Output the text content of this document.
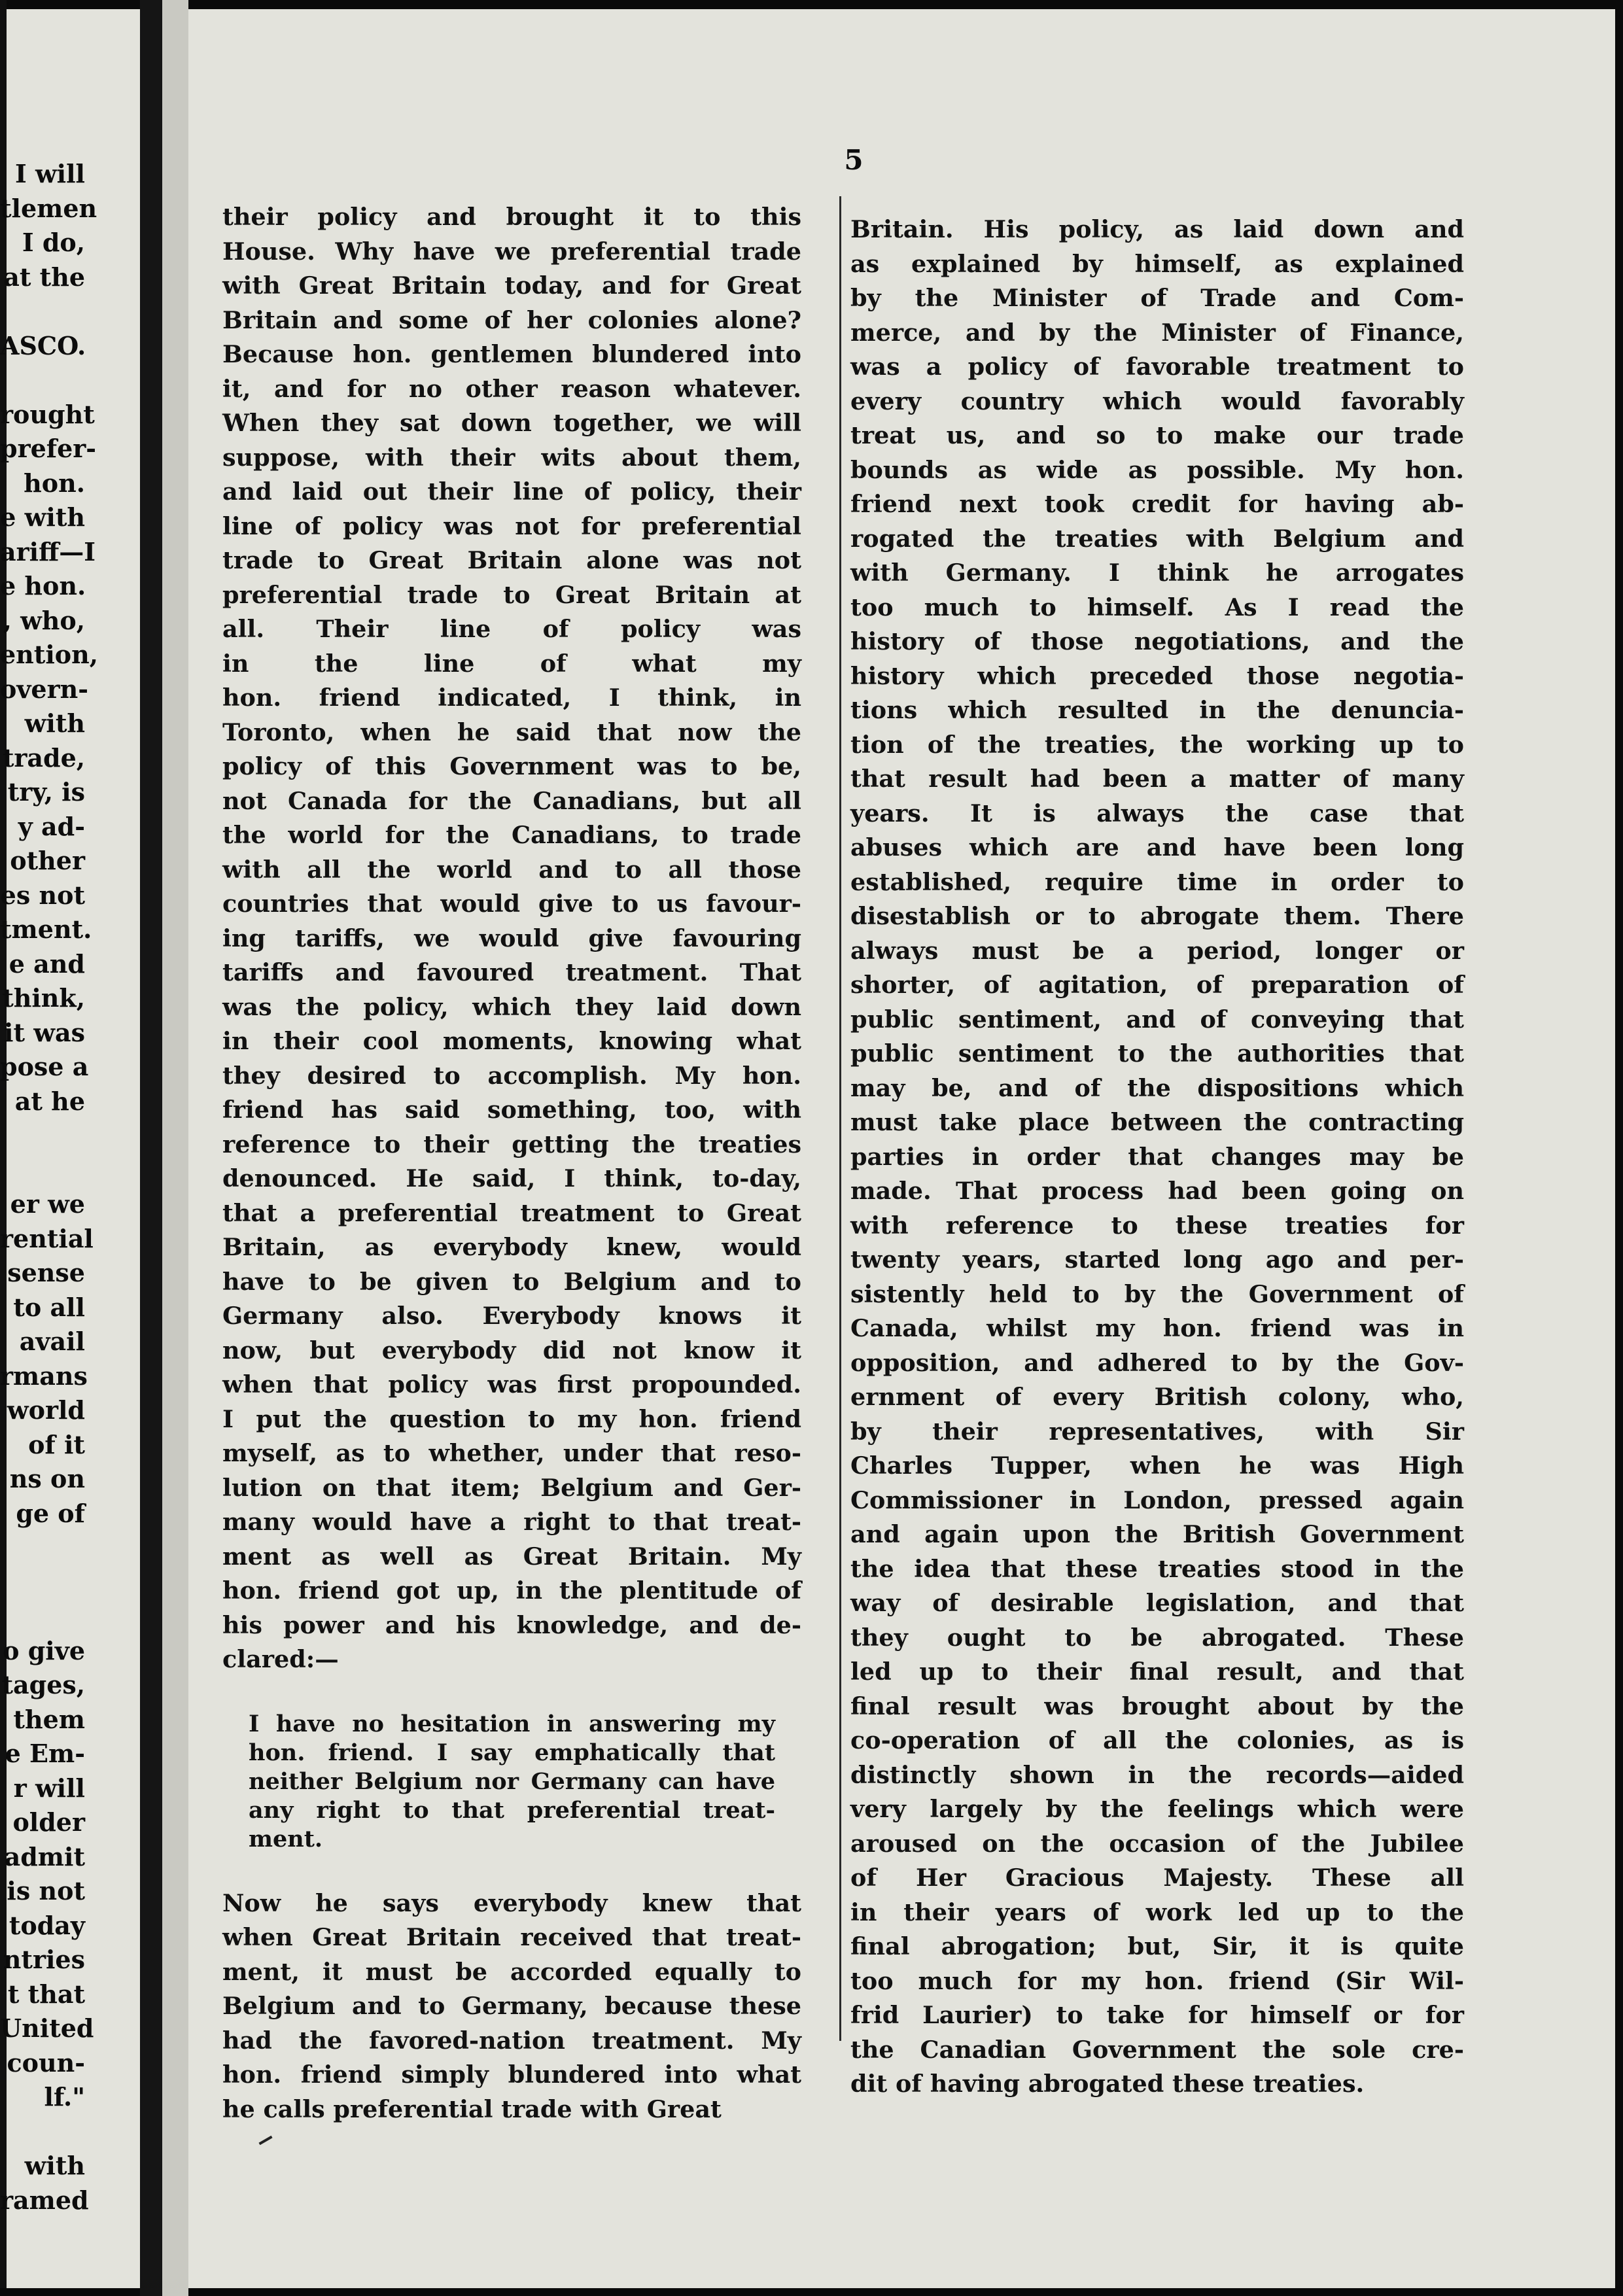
I will
tlemen
I do,
at the
ASCO.
rought
prefer-
hon.
e with
ariff—I
e hon.
, who,
ention,
overn-
with
trade,
try, is
y ad-
other
es not
tment.
e and
think,
it was
pose a
at he
er we
rential
sense
to all
avail
rmans
world
of it
ns on
ge of
o give
tages,
them
e Em-
r will
older
admit
is not
today
ntries
t that
United
coun-
lf."
with
ramed
5
their policy and brought it to this
House. Why have we preferential trade
with Great Britain today, and for Great
Britain and some of her colonies alone?
Because hon. gentlemen blundered into
it, and for no other reason whatever.
When they sat down together, we will
suppose, with their wits about them,
and laid out their line of policy, their
line of policy was not for preferential
trade to Great Britain alone was not
preferential trade to Great Britain at
all. Their line of policy was
in the line of what my
hon. friend indicated, I think, in
Toronto, when he said that now the
policy of this Government was to be,
not Canada for the Canadians, but all
the world for the Canadians, to trade
with all the world and to all those
countries that would give to us favour-
ing tariffs, we would give favouring
tariffs and favoured treatment. That
was the policy, which they laid down
in their cool moments, knowing what
they desired to accomplish. My hon.
friend has said something, too, with
reference to their getting the treaties
denounced. He said, I think, to-day,
that a preferential treatment to Great
Britain, as everybody knew, would
have to be given to Belgium and to
Germany also. Everybody knows it
now, but everybody did not know it
when that policy was first propounded.
I put the question to my hon. friend
myself, as to whether, under that reso-
lution on that item; Belgium and Ger-
many would have a right to that treat-
ment as well as Great Britain. My
hon. friend got up, in the plentitude of
his power and his knowledge, and de-
clared:—
I have no hesitation in answering my
hon. friend. I say emphatically that
neither Belgium nor Germany can have
any right to that preferential treat-
ment.
Now he says everybody knew that
when Great Britain received that treat-
ment, it must be accorded equally to
Belgium and to Germany, because these
had the favored-nation treatment. My
hon. friend simply blundered into what
he calls preferential trade with Great
Britain. His policy, as laid down and
as explained by himself, as explained
by the Minister of Trade and Com-
merce, and by the Minister of Finance,
was a policy of favorable treatment to
every country which would favorably
treat us, and so to make our trade
bounds as wide as possible. My hon.
friend next took credit for having ab-
rogated the treaties with Belgium and
with Germany. I think he arrogates
too much to himself. As I read the
history of those negotiations, and the
history which preceded those negotia-
tions which resulted in the denuncia-
tion of the treaties, the working up to
that result had been a matter of many
years. It is always the case that
abuses which are and have been long
established, require time in order to
disestablish or to abrogate them. There
always must be a period, longer or
shorter, of agitation, of preparation of
public sentiment, and of conveying that
public sentiment to the authorities that
may be, and of the dispositions which
must take place between the contracting
parties in order that changes may be
made. That process had been going on
with reference to these treaties for
twenty years, started long ago and per-
sistently held to by the Government of
Canada, whilst my hon. friend was in
opposition, and adhered to by the Gov-
ernment of every British colony, who,
by their representatives, with Sir
Charles Tupper, when he was High
Commissioner in London, pressed again
and again upon the British Government
the idea that these treaties stood in the
way of desirable legislation, and that
they ought to be abrogated. These
led up to their final result, and that
final result was brought about by the
co-operation of all the colonies, as is
distinctly shown in the records—aided
very largely by the feelings which were
aroused on the occasion of the Jubilee
of Her Gracious Majesty. These all
in their years of work led up to the
final abrogation; but, Sir, it is quite
too much for my hon. friend (Sir Wil-
frid Laurier) to take for himself or for
the Canadian Government the sole cre-
dit of having abrogated these treaties.
